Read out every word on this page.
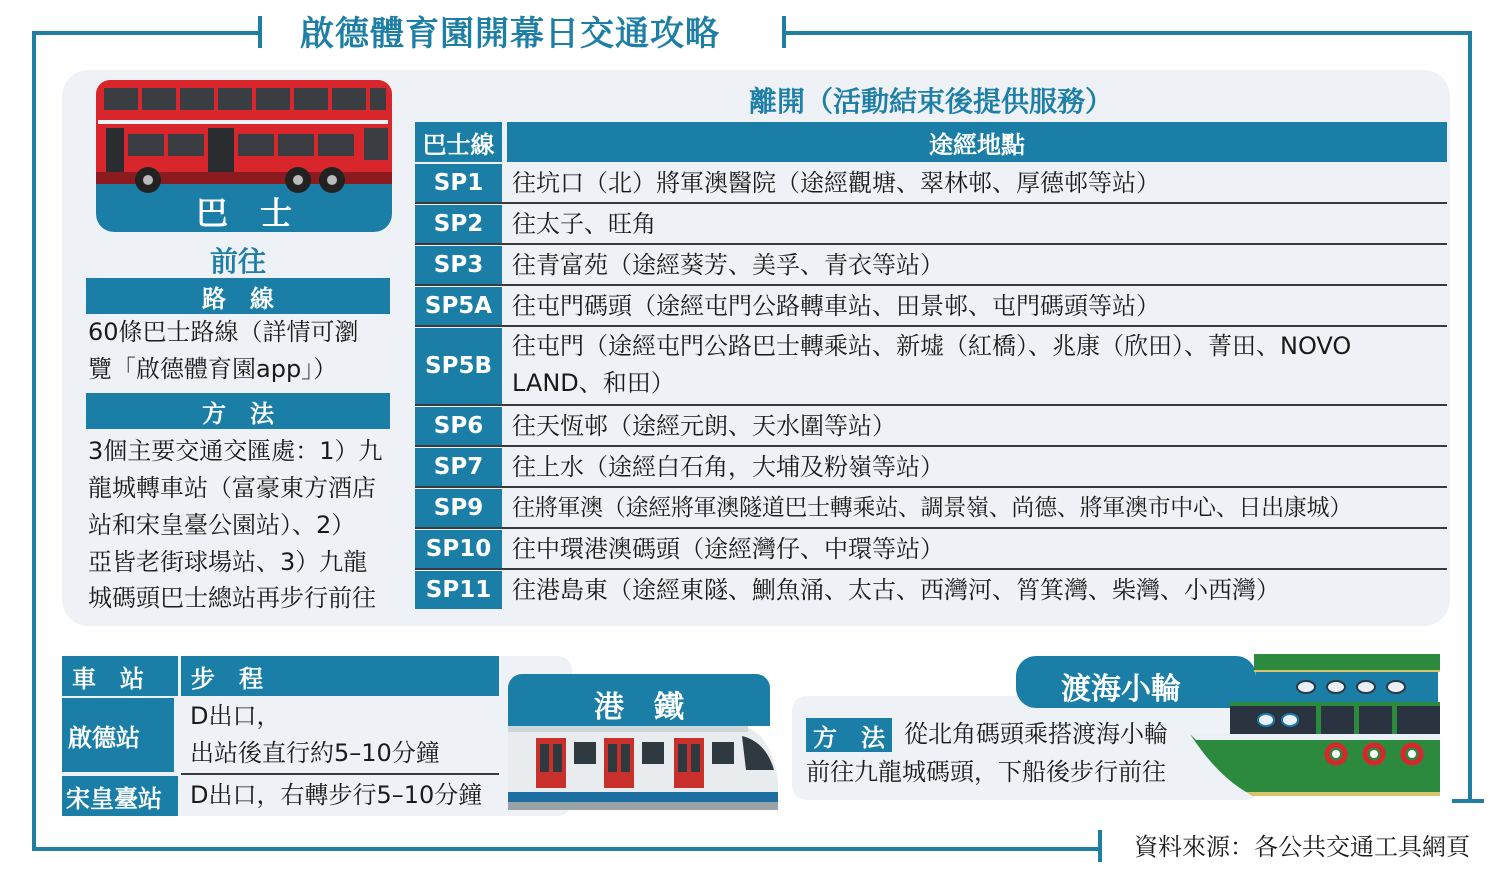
啟德體育園開幕日交通攻略
巴　士
前往
路　線
60條巴士路線（詳情可瀏
覽「啟德體育園app」）
方　法
3個主要交通交匯處：1）九
龍城轉車站（富豪東方酒店
站和宋皇臺公園站）、2）
亞皆老街球場站、3）九龍
城碼頭巴士總站再步行前往
離開（活動結束後提供服務）
巴士線	途經地點
SP1	往坑口（北）將軍澳醫院（途經觀塘、翠林邨、厚德邨等站）
SP2	往太子、旺角
SP3	往青富苑（途經葵芳、美孚、青衣等站）
SP5A 往屯門碼頭（途經屯門公路轉車站、田景邨、屯門碼頭等站）
SP5B
往屯門（途經屯門公路巴士轉乘站、新墟（紅橋）、兆康（欣田）、菁田、NOVO
LAND、和田）
SP6	往天恆邨（途經元朗、天水圍等站）
SP7	往上水（途經白石角，大埔及粉嶺等站）
SP9	往將軍澳（途經將軍澳隧道巴士轉乘站、調景嶺、尚德、將軍澳市中心、日出康城）
SP10 往中環港澳碼頭（途經灣仔、中環等站）
SP11 往港島東（途經東隧、鰂魚涌、太古、西灣河、筲箕灣、柴灣、小西灣）
車　站	步　程
啟德站
D出口，
出站後直行約5–10分鐘
宋皇臺站	D出口，右轉步行5–10分鐘
港　鐵
渡海小輪
方　法 從北角碼頭乘搭渡海小輪
前往九龍城碼頭，下船後步行前往
資料來源：各公共交通工具網頁
